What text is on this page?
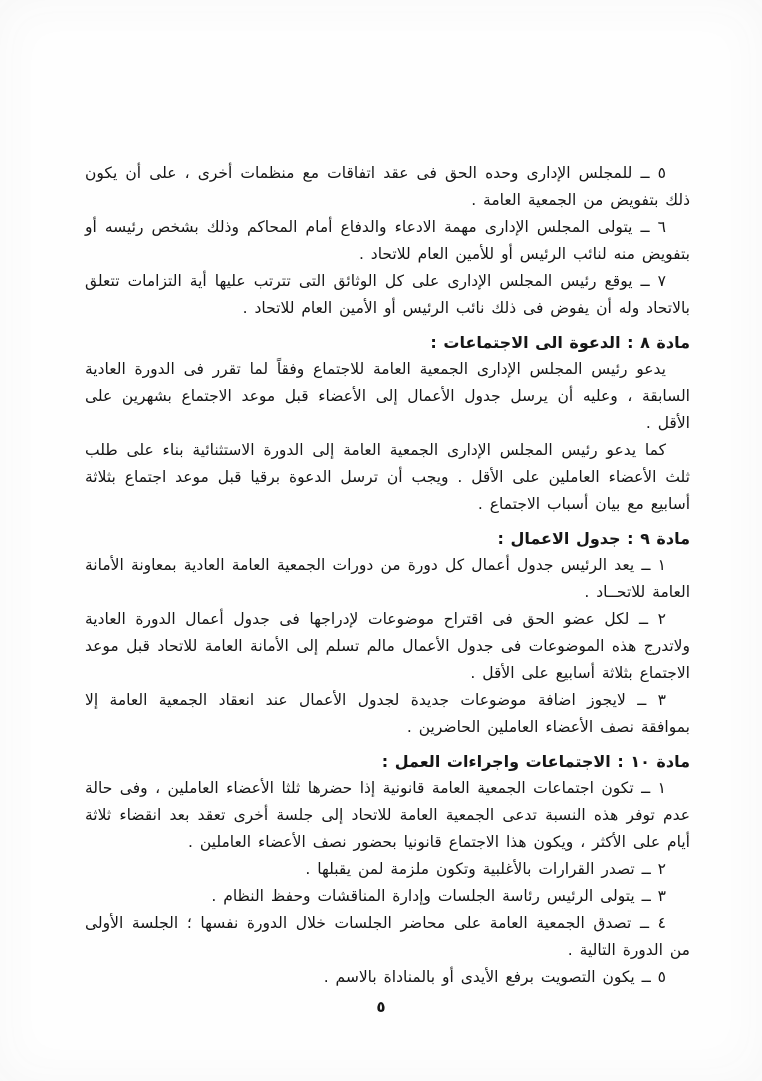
٥ ــ للمجلس الإدارى وحده الحق فى عقد اتفاقات مع منظمات أخرى ، على أن يكون ذلك بتفويض من الجمعية العامة .

٦ ــ يتولى المجلس الإدارى مهمة الادعاء والدفاع أمام المحاكم وذلك بشخص رئيسه أو بتفويض منه لنائب الرئيس أو للأمين العام للاتحاد .

٧ ــ يوقع رئيس المجلس الإدارى على كل الوثائق التى تترتب عليها أية التزامات تتعلق بالاتحاد وله أن يفوض فى ذلك نائب الرئيس أو الأمين العام للاتحاد .

مادة ٨ : الدعوة الى الاجتماعات :

يدعو رئيس المجلس الإدارى الجمعية العامة للاجتماع وفقاً لما تقرر فى الدورة العادية السابقة ، وعليه أن يرسل جدول الأعمال إلى الأعضاء قبل موعد الاجتماع بشهرين على الأقل .

كما يدعو رئيس المجلس الإدارى الجمعية العامة إلى الدورة الاستثنائية بناء على طلب ثلث الأعضاء العاملين على الأقل . ويجب أن ترسل الدعوة برقيا قبل موعد اجتماع بثلاثة أسابيع مع بيان أسباب الاجتماع .

مادة ٩ : جدول الاعمال :

١ ــ يعد الرئيس جدول أعمال كل دورة من دورات الجمعية العامة العادية بمعاونة الأمانة العامة للاتحــاد .

٢ ــ لكل عضو الحق فى اقتراح موضوعات لإدراجها فى جدول أعمال الدورة العادية ولاتدرج هذه الموضوعات فى جدول الأعمال مالم تسلم إلى الأمانة العامة للاتحاد قبل موعد الاجتماع بثلاثة أسابيع على الأقل .

٣ ــ لايجوز اضافة موضوعات جديدة لجدول الأعمال عند انعقاد الجمعية العامة إلا بموافقة نصف الأعضاء العاملين الحاضرين .

مادة ١٠ : الاجتماعات واجراءات العمل :

١ ــ تكون اجتماعات الجمعية العامة قانونية إذا حضرها ثلثا الأعضاء العاملين ، وفى حالة عدم توفر هذه النسبة تدعى الجمعية العامة للاتحاد إلى جلسة أخرى تعقد بعد انقضاء ثلاثة أيام على الأكثر ، ويكون هذا الاجتماع قانونيا بحضور نصف الأعضاء العاملين .

٢ ــ تصدر القرارات بالأغلبية وتكون ملزمة لمن يقبلها .

٣ ــ يتولى الرئيس رئاسة الجلسات وإدارة المناقشات وحفظ النظام .

٤ ــ تصدق الجمعية العامة على محاضر الجلسات خلال الدورة نفسها ؛ الجلسة الأولى من الدورة التالية .

٥ ــ يكون التصويت برفع الأيدى أو بالمناداة بالاسم .

٥
